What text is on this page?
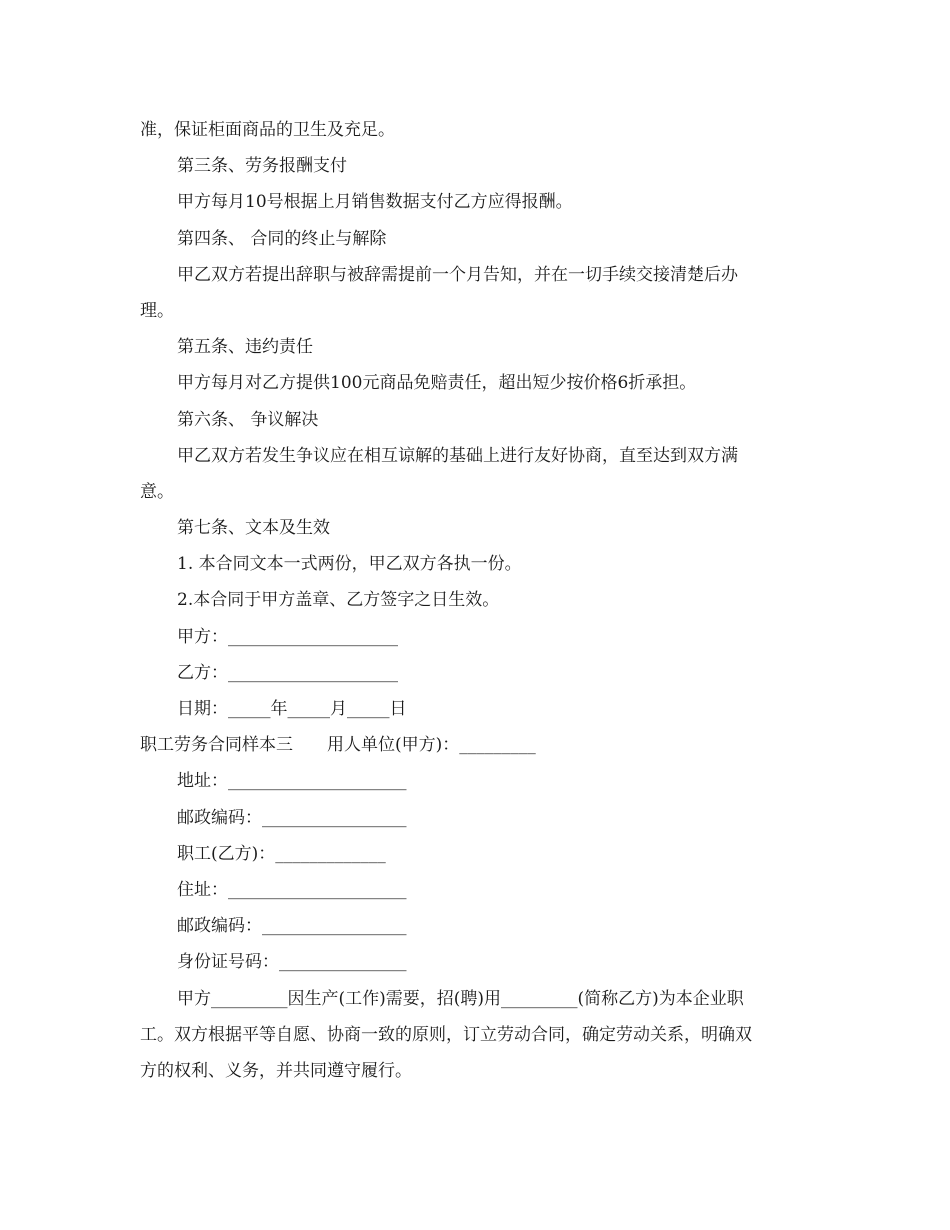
准，保证柜面商品的卫生及充足。
第三条、劳务报酬支付
甲方每月10号根据上月销售数据支付乙方应得报酬。
第四条、 合同的终止与解除
甲乙双方若提出辞职与被辞需提前一个月告知，并在一切手续交接清楚后办
理。
第五条、违约责任
甲方每月对乙方提供100元商品免赔责任，超出短少按价格6折承担。
第六条、 争议解决
甲乙双方若发生争议应在相互谅解的基础上进行友好协商，直至达到双方满
意。
第七条、文本及生效
1. 本合同文本一式两份，甲乙双方各执一份。
2.本合同于甲方盖章、乙方签字之日生效。
甲方：____________________
乙方：____________________
日期：_____年_____月_____日
职工劳务合同样本三　　用人单位(甲方)：_________
地址：_____________________
邮政编码：_________________
职工(乙方)：_____________
住址：_____________________
邮政编码：_________________
身份证号码：_______________
甲方_________因生产(工作)需要，招(聘)用_________(简称乙方)为本企业职
工。双方根据平等自愿、协商一致的原则，订立劳动合同，确定劳动关系，明确双
方的权利、义务，并共同遵守履行。
